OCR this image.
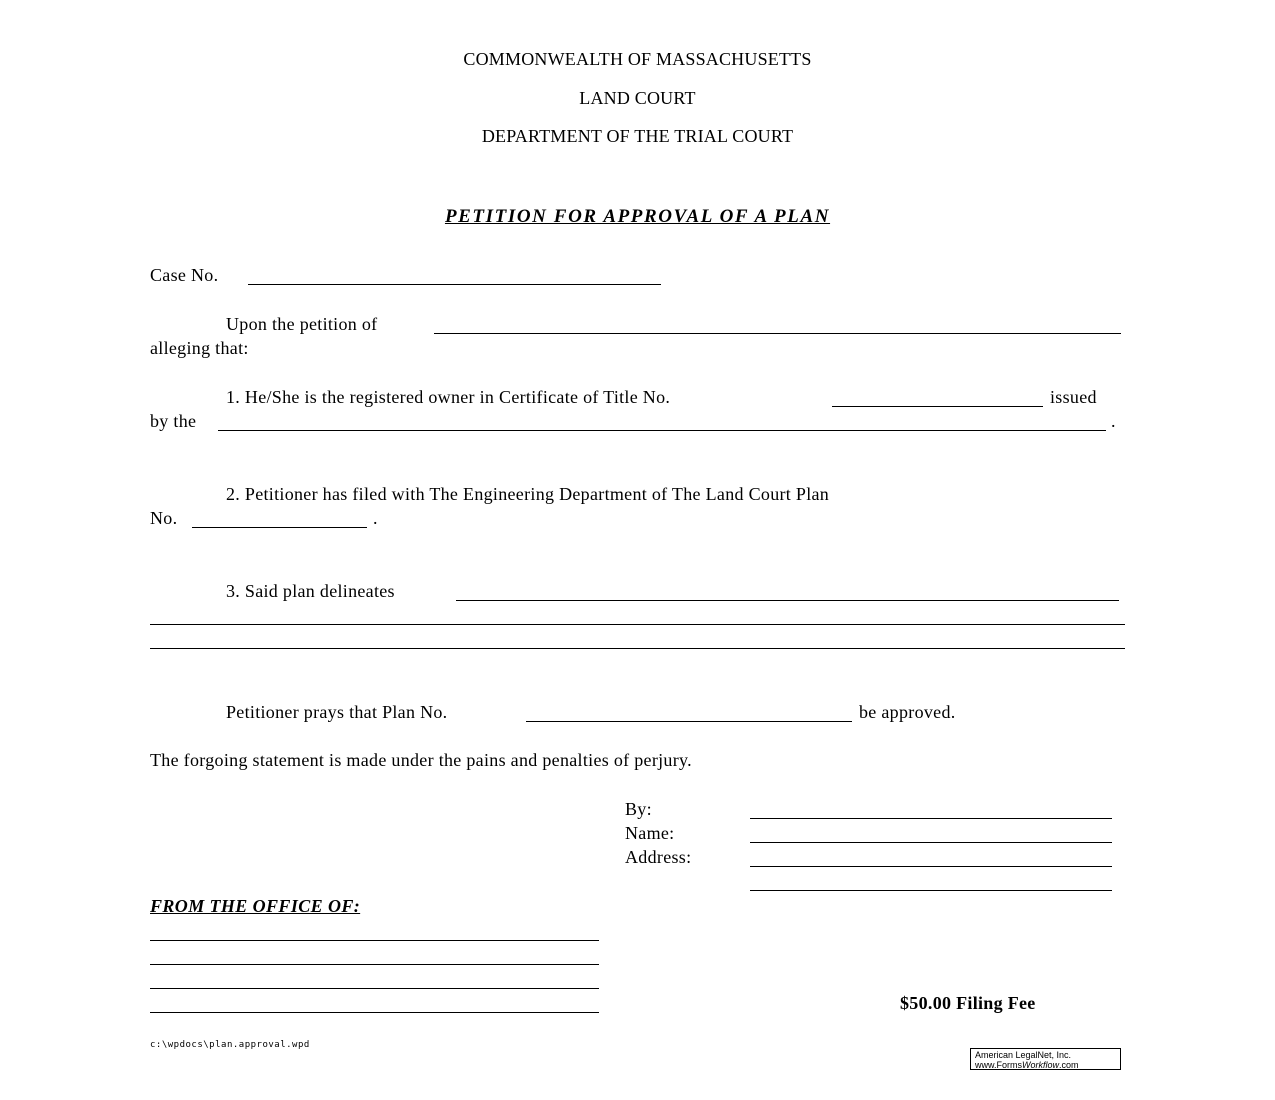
COMMONWEALTH OF MASSACHUSETTS
LAND COURT
DEPARTMENT OF THE TRIAL COURT
PETITION FOR APPROVAL OF A PLAN
Case No.
Upon the petition of
alleging that:
1. He/She is the registered owner in Certificate of Title No.	issued
by the	.
2. Petitioner has filed with The Engineering Department of The Land Court Plan
No.	.
3. Said plan delineates
Petitioner prays that Plan No.	be approved.
The forgoing statement is made under the pains and penalties of perjury.
By:
Name:
Address:
FROM THE OFFICE OF:
$50.00 Filing Fee
c:\wpdocs\plan.approval.wpd
American LegalNet, Inc.
www.FormsWorkflow.com
